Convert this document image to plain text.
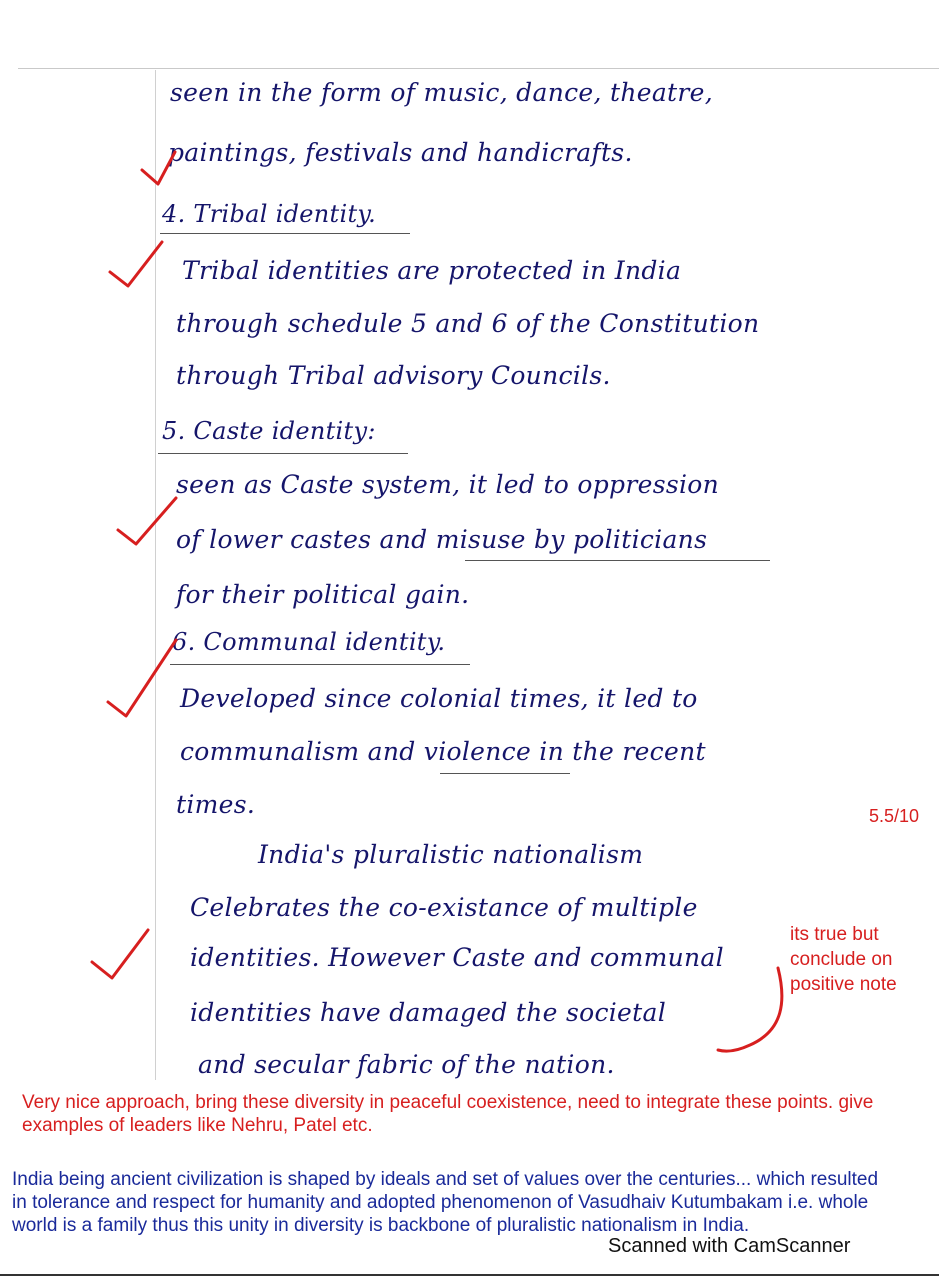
seen in the form of music, dance, theatre,

paintings, festivals and handicrafts.

4. Tribal identity.

Tribal identities are protected in India

through schedule 5 and 6 of the Constitution

through Tribal advisory Councils.

5. Caste identity:

seen as Caste system, it led to oppression

of lower castes and misuse by politicians

for their political gain.

6. Communal identity.

Developed since colonial times, it led to

communalism and violence in the recent

times.

India's pluralistic nationalism

Celebrates the co-existance of multiple

identities. However Caste and communal

identities have damaged the societal

and secular fabric of the nation.

5.5/10
its true but
conclude on
positive note
Very nice approach, bring these diversity in peaceful coexistence, need to integrate these points. give examples of leaders like Nehru, Patel etc.
India being ancient civilization is shaped by ideals and set of values over the centuries... which resulted in tolerance and respect for humanity and adopted phenomenon of Vasudhaiv Kutumbakam i.e. whole world is a family thus this unity in diversity is backbone of pluralistic nationalism in India.
Scanned with CamScanner
